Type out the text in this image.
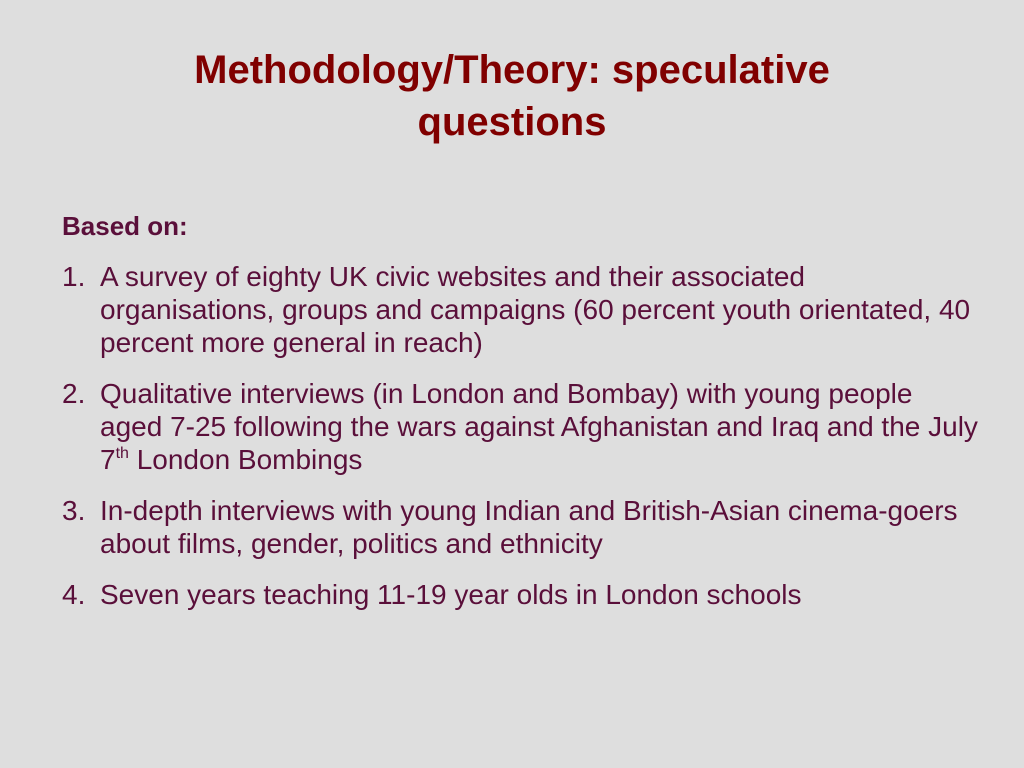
Methodology/Theory: speculative
questions

Based on:

1. A survey of eighty UK civic websites and their associated organisations, groups and campaigns (60 percent youth orientated, 40 percent more general in reach)
2. Qualitative interviews (in London and Bombay) with young people aged 7-25 following the wars against Afghanistan and Iraq and the July 7th London Bombings
3. In-depth interviews with young Indian and British-Asian cinema-goers about films, gender, politics and ethnicity
4. Seven years teaching 11-19 year olds in London schools
